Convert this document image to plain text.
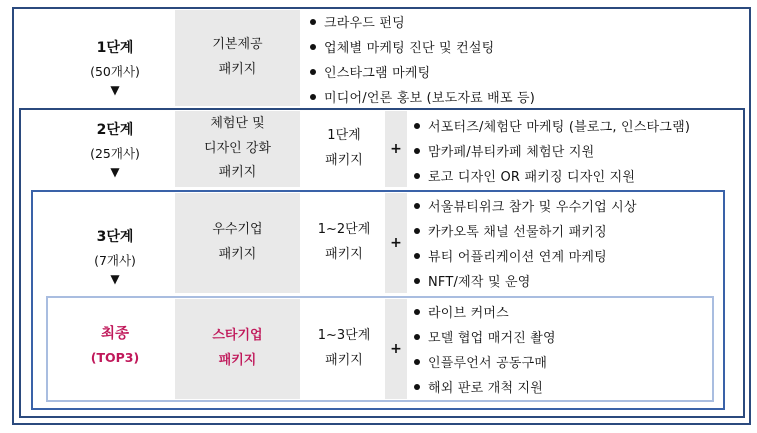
1단계
(50개사)
▼
기본제공
패키지
크라우드 펀딩
업체별 마케팅 진단 및 컨설팅
인스타그램 마케팅
미디어/언론 홍보 (보도자료 배포 등)
2단계
(25개사)
▼
체험단 및
디자인 강화
패키지
1단계
패키지
+
서포터즈/체험단 마케팅 (블로그, 인스타그램)
맘카페/뷰티카페 체험단 지원
로고 디자인 OR 패키징 디자인 지원
3단계
(7개사)
▼
우수기업
패키지
1~2단계
패키지
+
서울뷰티위크 참가 및 우수기업 시상
카카오톡 채널 선물하기 패키징
뷰티 어플리케이션 연계 마케팅
NFT/제작 및 운영
최종
(TOP3)
스타기업
패키지
1~3단계
패키지
+
라이브 커머스
모델 협업 매거진 촬영
인플루언서 공동구매
해외 판로 개척 지원
